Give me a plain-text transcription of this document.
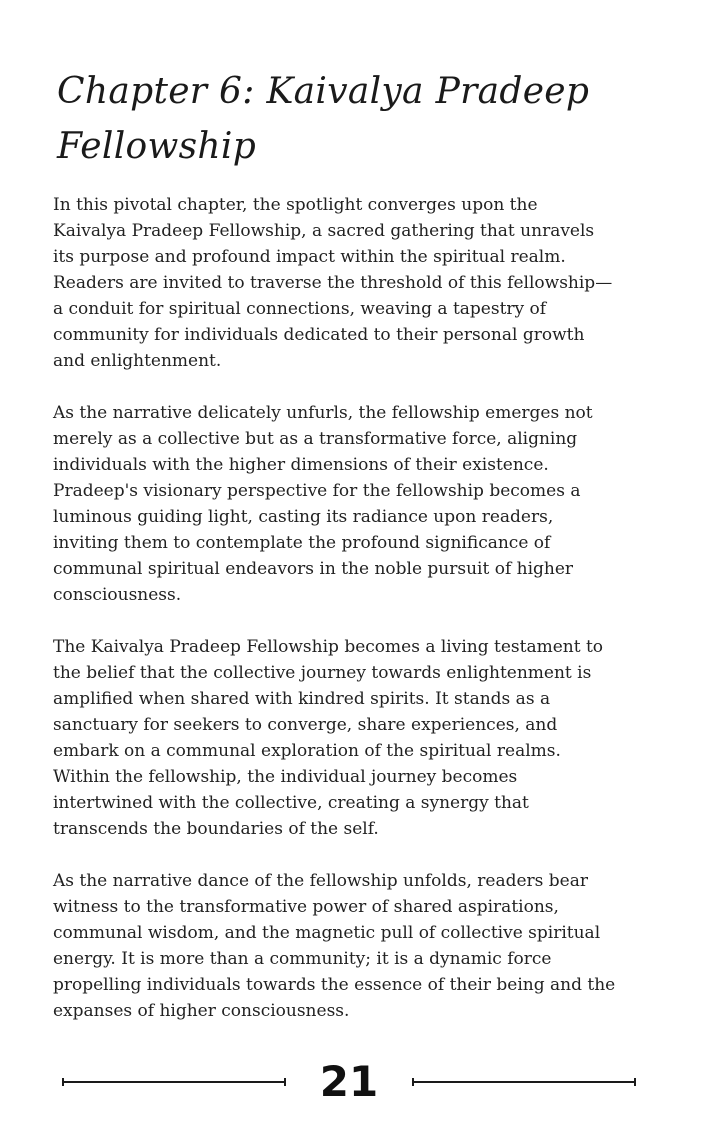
Chapter 6: Kaivalya Pradeep
Fellowship

In this pivotal chapter, the spotlight converges upon the
Kaivalya Pradeep Fellowship, a sacred gathering that unravels
its purpose and profound impact within the spiritual realm.
Readers are invited to traverse the threshold of this fellowship—
a conduit for spiritual connections, weaving a tapestry of
community for individuals dedicated to their personal growth
and enlightenment.

As the narrative delicately unfurls, the fellowship emerges not
merely as a collective but as a transformative force, aligning
individuals with the higher dimensions of their existence.
Pradeep's visionary perspective for the fellowship becomes a
luminous guiding light, casting its radiance upon readers,
inviting them to contemplate the profound significance of
communal spiritual endeavors in the noble pursuit of higher
consciousness.

The Kaivalya Pradeep Fellowship becomes a living testament to
the belief that the collective journey towards enlightenment is
amplified when shared with kindred spirits. It stands as a
sanctuary for seekers to converge, share experiences, and
embark on a communal exploration of the spiritual realms.
Within the fellowship, the individual journey becomes
intertwined with the collective, creating a synergy that
transcends the boundaries of the self.

As the narrative dance of the fellowship unfolds, readers bear
witness to the transformative power of shared aspirations,
communal wisdom, and the magnetic pull of collective spiritual
energy. It is more than a community; it is a dynamic force
propelling individuals towards the essence of their being and the
expanses of higher consciousness.

21
